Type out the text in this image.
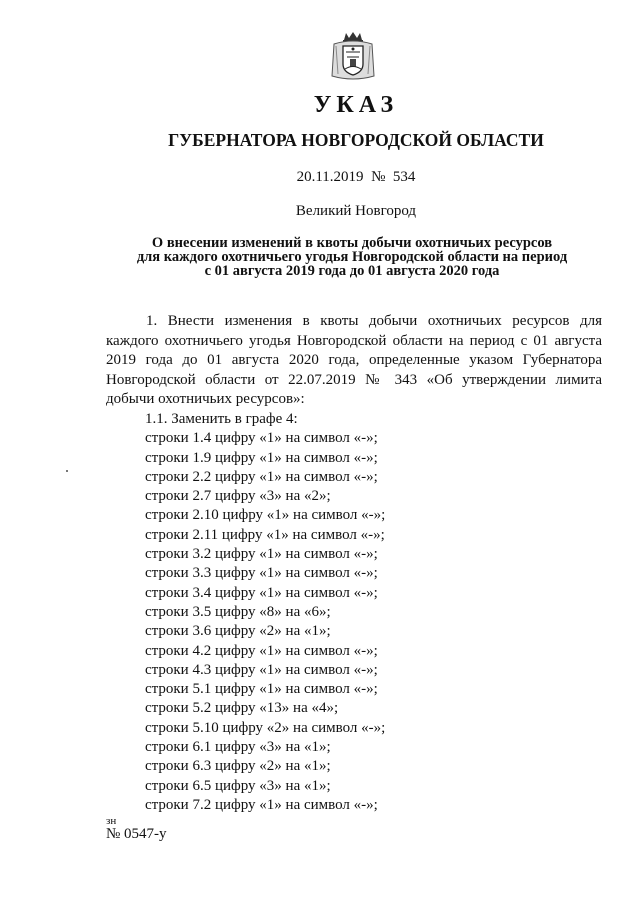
УКАЗ
ГУБЕРНАТОРА НОВГОРОДСКОЙ ОБЛАСТИ
20.11.2019 № 534
Великий Новгород
О внесении изменений в квоты добычи охотничьих ресурсов
для каждого охотничьего угодья Новгородской области на период
с 01 августа 2019 года до 01 августа 2020 года

1. Внести изменения в квоты добычи охотничьих ресурсов для каждого охотничьего угодья Новгородской области на период с 01 августа 2019 года до 01 августа 2020 года, определенные указом Губернатора Новгородской области от 22.07.2019 № 343 «Об утверждении лимита добычи охотничьих ресурсов»:

1.1. Заменить в графе 4:
строки 1.4 цифру «1» на символ «-»;
строки 1.9 цифру «1» на символ «-»;
строки 2.2 цифру «1» на символ «-»;
строки 2.7 цифру «3» на «2»;
строки 2.10 цифру «1» на символ «-»;
строки 2.11 цифру «1» на символ «-»;
строки 3.2 цифру «1» на символ «-»;
строки 3.3 цифру «1» на символ «-»;
строки 3.4 цифру «1» на символ «-»;
строки 3.5 цифру «8» на «6»;
строки 3.6 цифру «2» на «1»;
строки 4.2 цифру «1» на символ «-»;
строки 4.3 цифру «1» на символ «-»;
строки 5.1 цифру «1» на символ «-»;
строки 5.2 цифру «13» на «4»;
строки 5.10 цифру «2» на символ «-»;
строки 6.1 цифру «3» на «1»;
строки 6.3 цифру «2» на «1»;
строки 6.5 цифру «3» на «1»;
строки 7.2 цифру «1» на символ «-»;
зн
№ 0547-у
